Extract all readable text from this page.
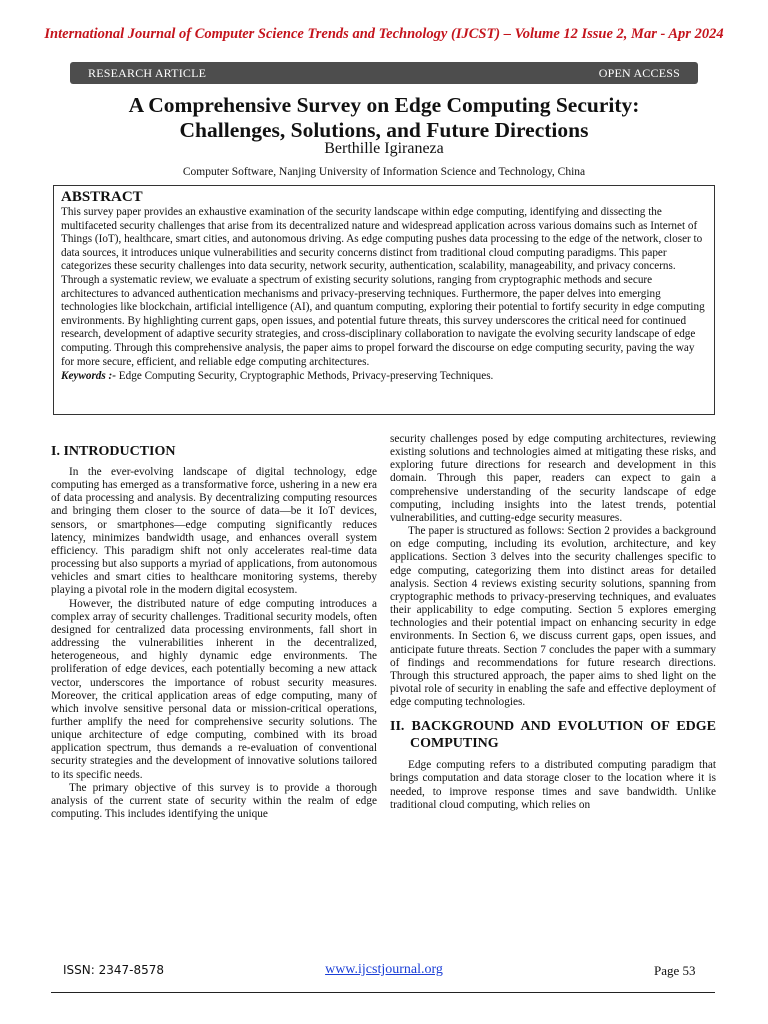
International Journal of Computer Science Trends and Technology (IJCST) – Volume 12 Issue 2, Mar - Apr 2024
RESEARCH ARTICLE	OPEN ACCESS
A Comprehensive Survey on Edge Computing Security:
Challenges, Solutions, and Future Directions
Berthille Igiraneza
Computer Software, Nanjing University of Information Science and Technology, China
ABSTRACT

This survey paper provides an exhaustive examination of the security landscape within edge computing, identifying and dissecting the multifaceted security challenges that arise from its decentralized nature and widespread application across various domains such as Internet of Things (IoT), healthcare, smart cities, and autonomous driving. As edge computing pushes data processing to the edge of the network, closer to data sources, it introduces unique vulnerabilities and security concerns distinct from traditional cloud computing paradigms. This paper categorizes these security challenges into data security, network security, authentication, scalability, manageability, and privacy concerns. Through a systematic review, we evaluate a spectrum of existing security solutions, ranging from cryptographic methods and secure architectures to advanced authentication mechanisms and privacy-preserving techniques. Furthermore, the paper delves into emerging technologies like blockchain, artificial intelligence (AI), and quantum computing, exploring their potential to fortify security in edge computing environments. By highlighting current gaps, open issues, and potential future threats, this survey underscores the critical need for continued research, development of adaptive security strategies, and cross-disciplinary collaboration to navigate the evolving security landscape of edge computing. Through this comprehensive analysis, the paper aims to propel forward the discourse on edge computing security, paving the way for more secure, efficient, and reliable edge computing architectures.

Keywords :- Edge Computing Security, Cryptographic Methods, Privacy-preserving Techniques.

I. INTRODUCTION

In the ever-evolving landscape of digital technology, edge computing has emerged as a transformative force, ushering in a new era of data processing and analysis. By decentralizing computing resources and bringing them closer to the source of data—be it IoT devices, sensors, or smartphones—edge computing significantly reduces latency, minimizes bandwidth usage, and enhances overall system efficiency. This paradigm shift not only accelerates real-time data processing but also supports a myriad of applications, from autonomous vehicles and smart cities to healthcare monitoring systems, thereby playing a pivotal role in the modern digital ecosystem.

However, the distributed nature of edge computing introduces a complex array of security challenges. Traditional security models, often designed for centralized data processing environments, fall short in addressing the vulnerabilities inherent in the decentralized, heterogeneous, and highly dynamic edge environments. The proliferation of edge devices, each potentially becoming a new attack vector, underscores the importance of robust security measures. Moreover, the critical application areas of edge computing, many of which involve sensitive personal data or mission-critical operations, further amplify the need for comprehensive security solutions. The unique architecture of edge computing, combined with its broad application spectrum, thus demands a re-evaluation of conventional security strategies and the development of innovative solutions tailored to its specific needs.

The primary objective of this survey is to provide a thorough analysis of the current state of security within the realm of edge computing. This includes identifying the unique

security challenges posed by edge computing architectures, reviewing existing solutions and technologies aimed at mitigating these risks, and exploring future directions for research and development in this domain. Through this paper, readers can expect to gain a comprehensive understanding of the security landscape of edge computing, including insights into the latest trends, potential vulnerabilities, and cutting-edge security measures.

The paper is structured as follows: Section 2 provides a background on edge computing, including its evolution, architecture, and key applications. Section 3 delves into the security challenges specific to edge computing, categorizing them into distinct areas for detailed analysis. Section 4 reviews existing security solutions, spanning from cryptographic methods to privacy-preserving techniques, and evaluates their applicability to edge computing. Section 5 explores emerging technologies and their potential impact on enhancing security in edge environments. In Section 6, we discuss current gaps, open issues, and anticipate future threats. Section 7 concludes the paper with a summary of findings and recommendations for future research directions. Through this structured approach, the paper aims to shed light on the pivotal role of security in enabling the safe and effective deployment of edge computing technologies.

II. BACKGROUND AND EVOLUTION OF EDGE COMPUTING

Edge computing refers to a distributed computing paradigm that brings computation and data storage closer to the location where it is needed, to improve response times and save bandwidth. Unlike traditional cloud computing, which relies on

ISSN: 2347-8578	www.ijcstjournal.org	Page 53
